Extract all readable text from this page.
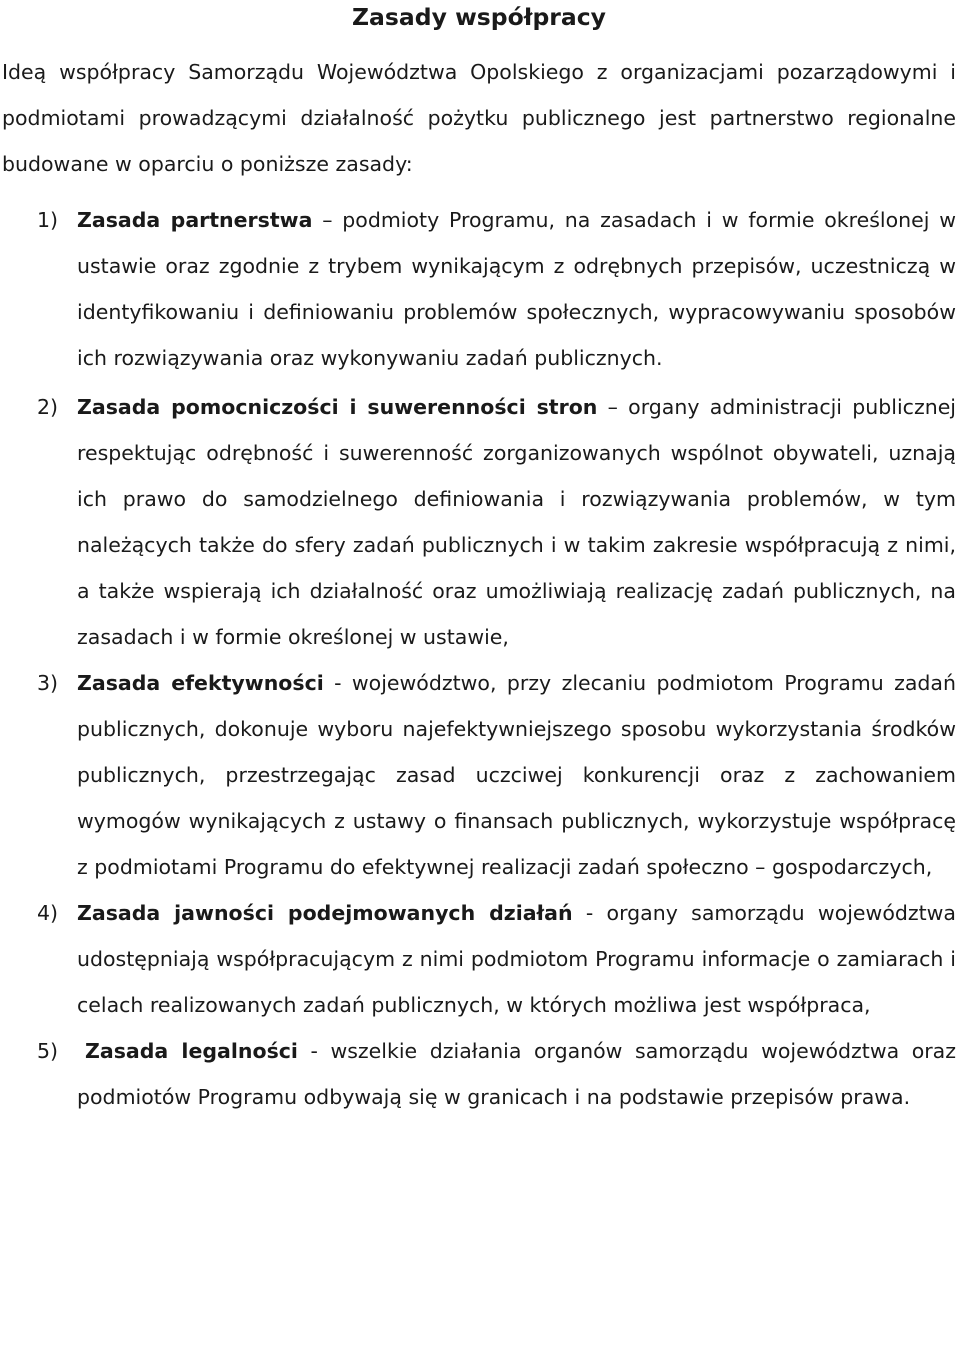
Zasady współpracy

Ideą współpracy Samorządu Województwa Opolskiego z organizacjami pozarządowymi i podmiotami prowadzącymi działalność pożytku publicznego jest partnerstwo regionalne budowane w oparciu o poniższe zasady:

1) Zasada partnerstwa – podmioty Programu, na zasadach i w formie określonej w ustawie oraz zgodnie z trybem wynikającym z odrębnych przepisów, uczestniczą w identyfikowaniu i definiowaniu problemów społecznych, wypracowywaniu sposobów ich rozwiązywania oraz wykonywaniu zadań publicznych.
2) Zasada pomocniczości i suwerenności stron – organy administracji publicznej respektując odrębność i suwerenność zorganizowanych wspólnot obywateli, uznają ich prawo do samodzielnego definiowania i rozwiązywania problemów, w tym należących także do sfery zadań publicznych i w takim zakresie współpracują z nimi, a także wspierają ich działalność oraz umożliwiają realizację zadań publicznych, na zasadach i w formie określonej w ustawie,
3) Zasada efektywności - województwo, przy zlecaniu podmiotom Programu zadań publicznych, dokonuje wyboru najefektywniejszego sposobu wykorzystania środków publicznych, przestrzegając zasad uczciwej konkurencji oraz z zachowaniem wymogów wynikających z ustawy o finansach publicznych, wykorzystuje współpracę z podmiotami Programu do efektywnej realizacji zadań społeczno – gospodarczych,
4) Zasada jawności podejmowanych działań - organy samorządu województwa udostępniają współpracującym z nimi podmiotom Programu informacje o zamiarach i celach realizowanych zadań publicznych, w których możliwa jest współpraca,
5) Zasada legalności - wszelkie działania organów samorządu województwa oraz podmiotów Programu odbywają się w granicach i na podstawie przepisów prawa.
